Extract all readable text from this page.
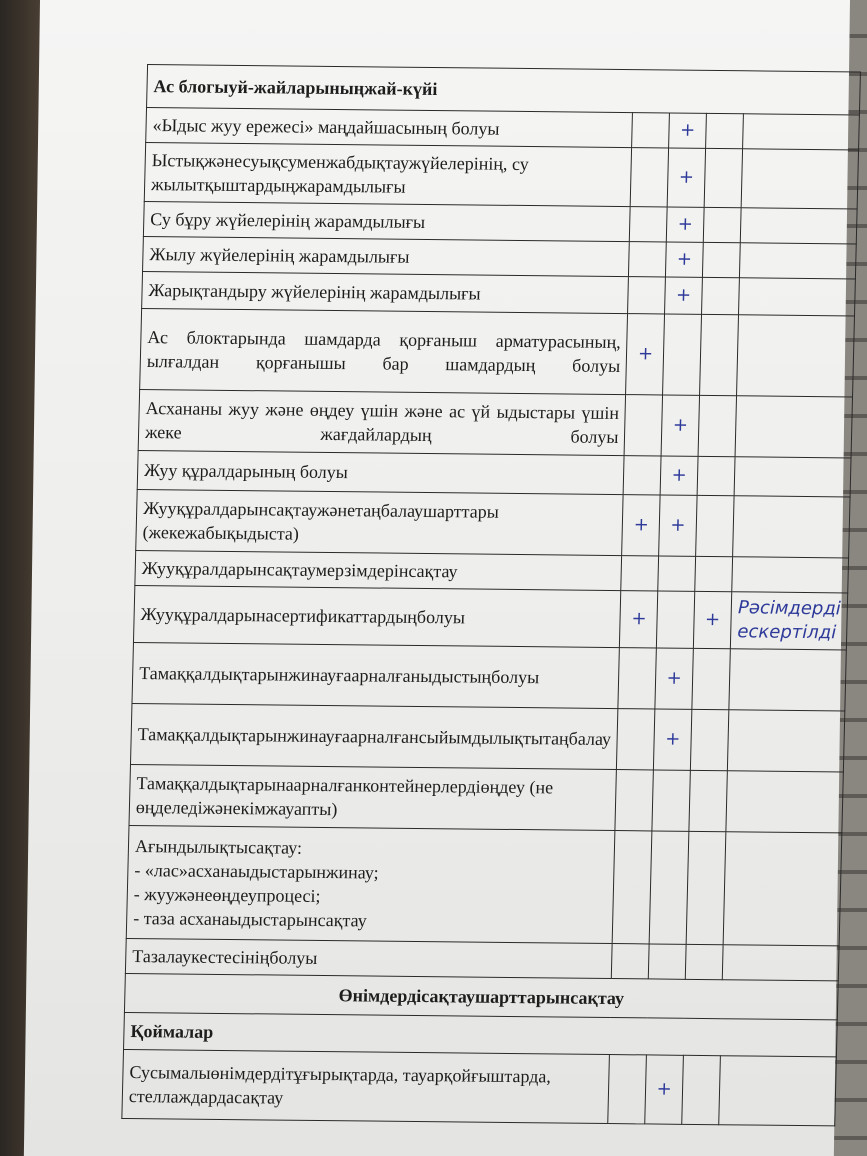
Ас блогыуй-жайларыныңжай-күйі				
«Ыдыс жуу ережесі» маңдайшасының болуы		+		
Ыстықжәнесуықсуменжабдықтаужүйелерінің, су жылытқыштардыңжарамдылығы		+		
Су бұру жүйелерінің жарамдылығы		+		
Жылу жүйелерінің жарамдылығы		+		
Жарықтандыру жүйелерінің жарамдылығы		+		
Ас блоктарында шамдарда қорғаныш арматурасының, ылғалдан қорғанышы бар шамдардың болуы	+			
Асхананы жуу және өңдеу үшін және ас үй ыдыстары үшін жеке жағдайлардың болуы		+		
Жуу құралдарының болуы		+		
Жууқұралдарынсақтаужәнетаңбалаушарттары (жекежабықыдыста)	+	+		
Жууқұралдарынсақтаумерзімдерінсақтау				
Жууқұралдарынасертификаттардыңболуы	+		+	Рәсімдерді ескертілді
Тамаққалдықтарынжинауғаарналғаныдыстыңболуы		+		
Тамаққалдықтарынжинауғаарналғансыйымдылықтытаңбалау		+		
Тамаққалдықтарынаарналғанконтейнерлердіөңдеу (не өңделедіжәнекімжауапты)				

Ағындылықтысақтау:
- «лас»асханаыдыстарынжинау;
- жуужәнеөңдеупроцесі;
- таза асханаыдыстарынсақтау				

Тазалаукестесініңболуы				
Өнімдердісақтаушарттарынсақтау				
Қоймалар				
Сусымалыөнімдердітұғырықтарда, тауарқойғыштарда, стеллаждардасақтау		+		
